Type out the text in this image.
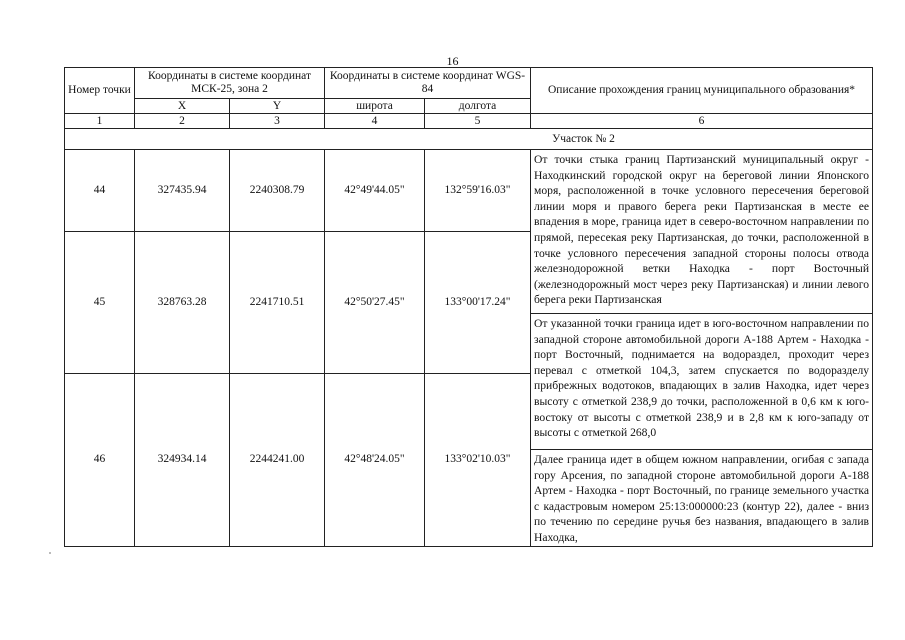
16
Номер точки	Координаты в системе координат МСК-25, зона 2		Координаты в системе координат WGS-84		Описание прохождения границ муниципального образования*
	X	Y	широта	долгота	
1	2	3	4	5	6
Участок № 2					
44	327435.94	2240308.79	42°49'44.05"	132°59'16.03"	От точки стыка границ Партизанский муниципальный округ - Находкинский городской округ на береговой линии Японского моря, расположенной в точке условного пересечения береговой линии моря и правого берега реки Партизанская в месте ее впадения в море, граница идет в северо-восточном направлении по прямой, пересекая реку Партизанская, до точки, расположенной в точке условного пересечения западной стороны полосы отвода железнодорожной ветки Находка - порт Восточный (железнодорожный мост через реку Партизанская) и линии левого берега реки Партизанская
45	328763.28	2241710.51	42°50'27.45"	133°00'17.24"	
					От указанной точки граница идет в юго-восточном направлении по западной стороне автомобильной дороги А-188 Артем - Находка - порт Восточный, поднимается на водораздел, проходит через перевал с отметкой 104,3, затем спускается по водоразделу прибрежных водотоков, впадающих в залив Находка, идет через высоту с отметкой 238,9 до точки, расположенной в 0,6 км к юго-востоку от высоты с отметкой 238,9 и в 2,8 км к юго-западу от высоты с отметкой 268,0
46	324934.14	2244241.00	42°48'24.05"	133°02'10.03"	
					Далее граница идет в общем южном направлении, огибая с запада гору Арсения, по западной стороне автомобильной дороги А-188 Артем - Находка - порт Восточный, по границе земельного участка с кадастровым номером 25:13:000000:23 (контур 22), далее - вниз по течению по середине ручья без названия, впадающего в залив Находка,
